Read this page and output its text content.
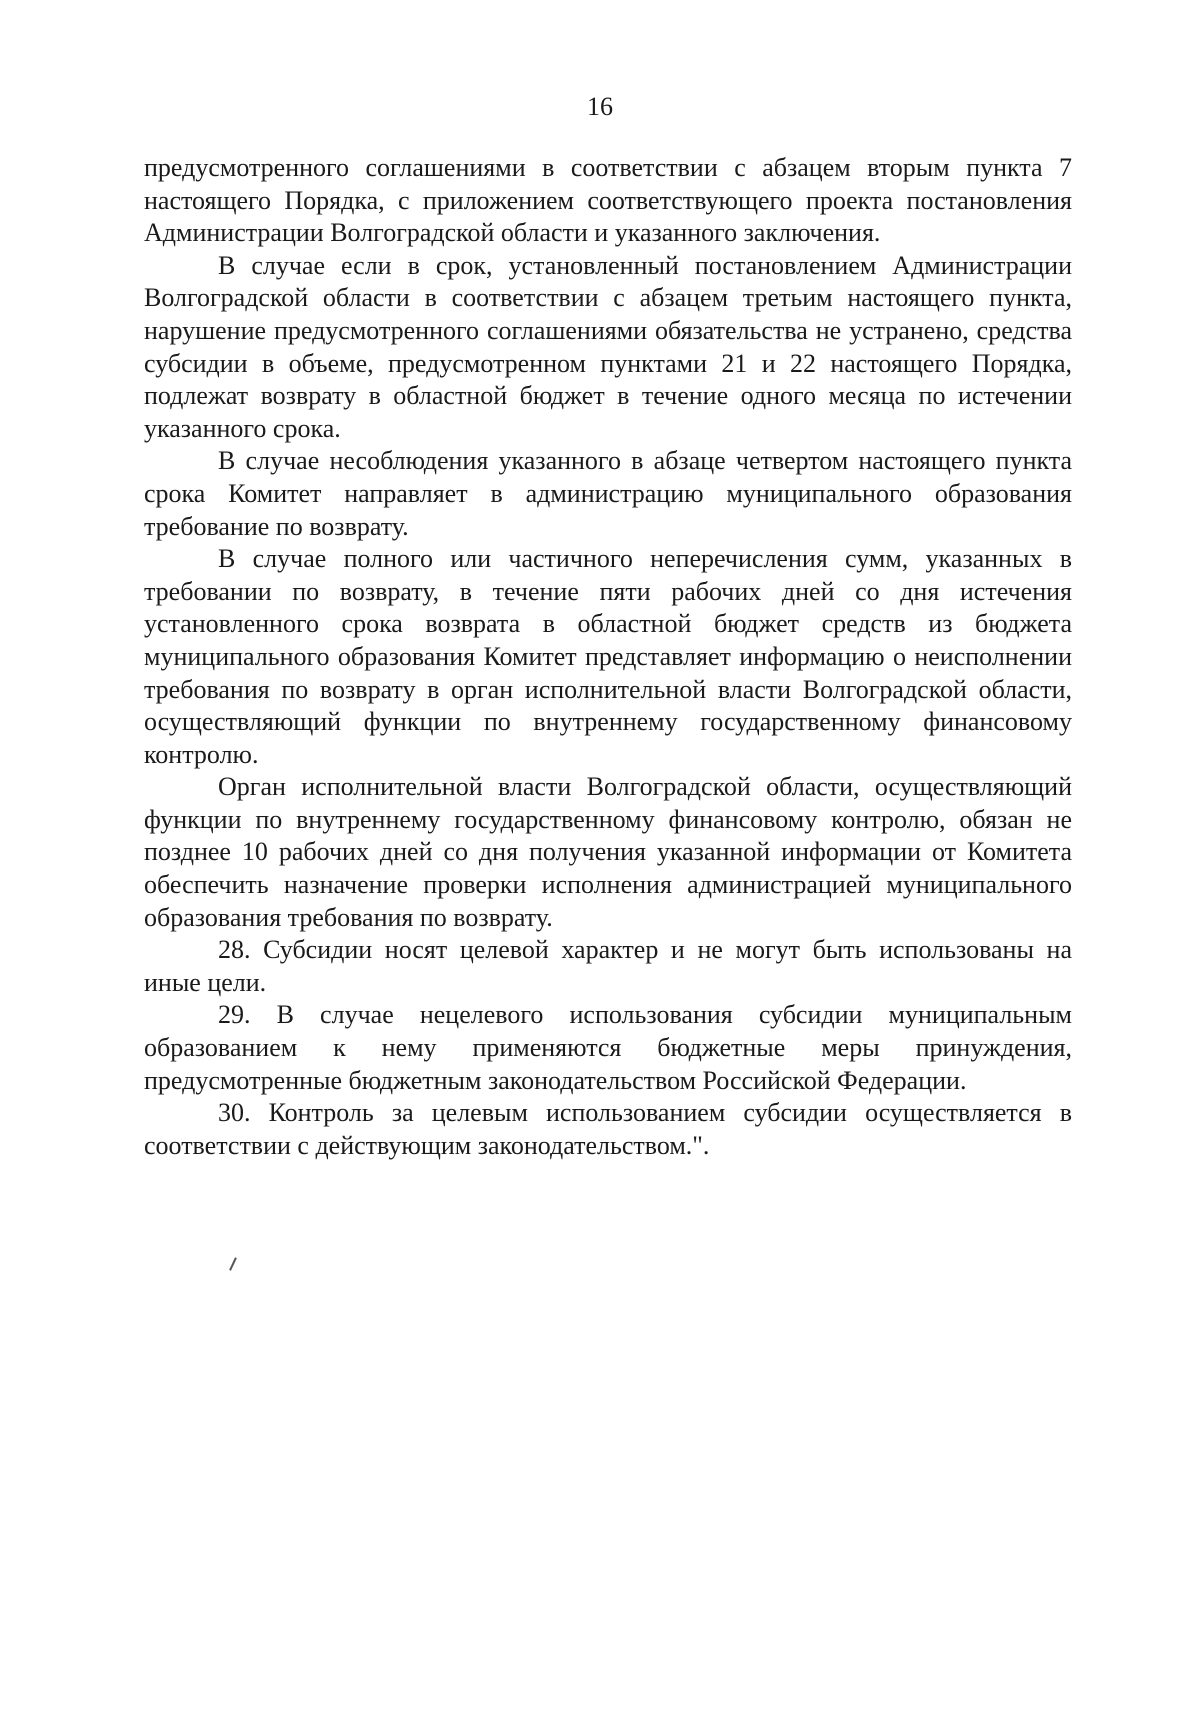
16

предусмотренного соглашениями в соответствии с абзацем вторым пункта 7 настоящего Порядка, с приложением соответствующего проекта постановления Администрации Волгоградской области и указанного заключения.

В случае если в срок, установленный постановлением Администрации Волгоградской области в соответствии с абзацем третьим настоящего пункта, нарушение предусмотренного соглашениями обязательства не устранено, средства субсидии в объеме, предусмотренном пунктами 21 и 22 настоящего Порядка, подлежат возврату в областной бюджет в течение одного месяца по истечении указанного срока.

В случае несоблюдения указанного в абзаце четвертом настоящего пункта срока Комитет направляет в администрацию муниципального образования требование по возврату.

В случае полного или частичного неперечисления сумм, указанных в требовании по возврату, в течение пяти рабочих дней со дня истечения установленного срока возврата в областной бюджет средств из бюджета муниципального образования Комитет представляет информацию о неисполнении требования по возврату в орган исполнительной власти Волгоградской области, осуществляющий функции по внутреннему государственному финансовому контролю.

Орган исполнительной власти Волгоградской области, осуществляющий функции по внутреннему государственному финансовому контролю, обязан не позднее 10 рабочих дней со дня получения указанной информации от Комитета обеспечить назначение проверки исполнения администрацией муниципального образования требования по возврату.

28. Субсидии носят целевой характер и не могут быть использованы на иные цели.

29. В случае нецелевого использования субсидии муниципальным образованием к нему применяются бюджетные меры принуждения, предусмотренные бюджетным законодательством Российской Федерации.

30. Контроль за целевым использованием субсидии осуществляется в соответствии с действующим законодательством.".
